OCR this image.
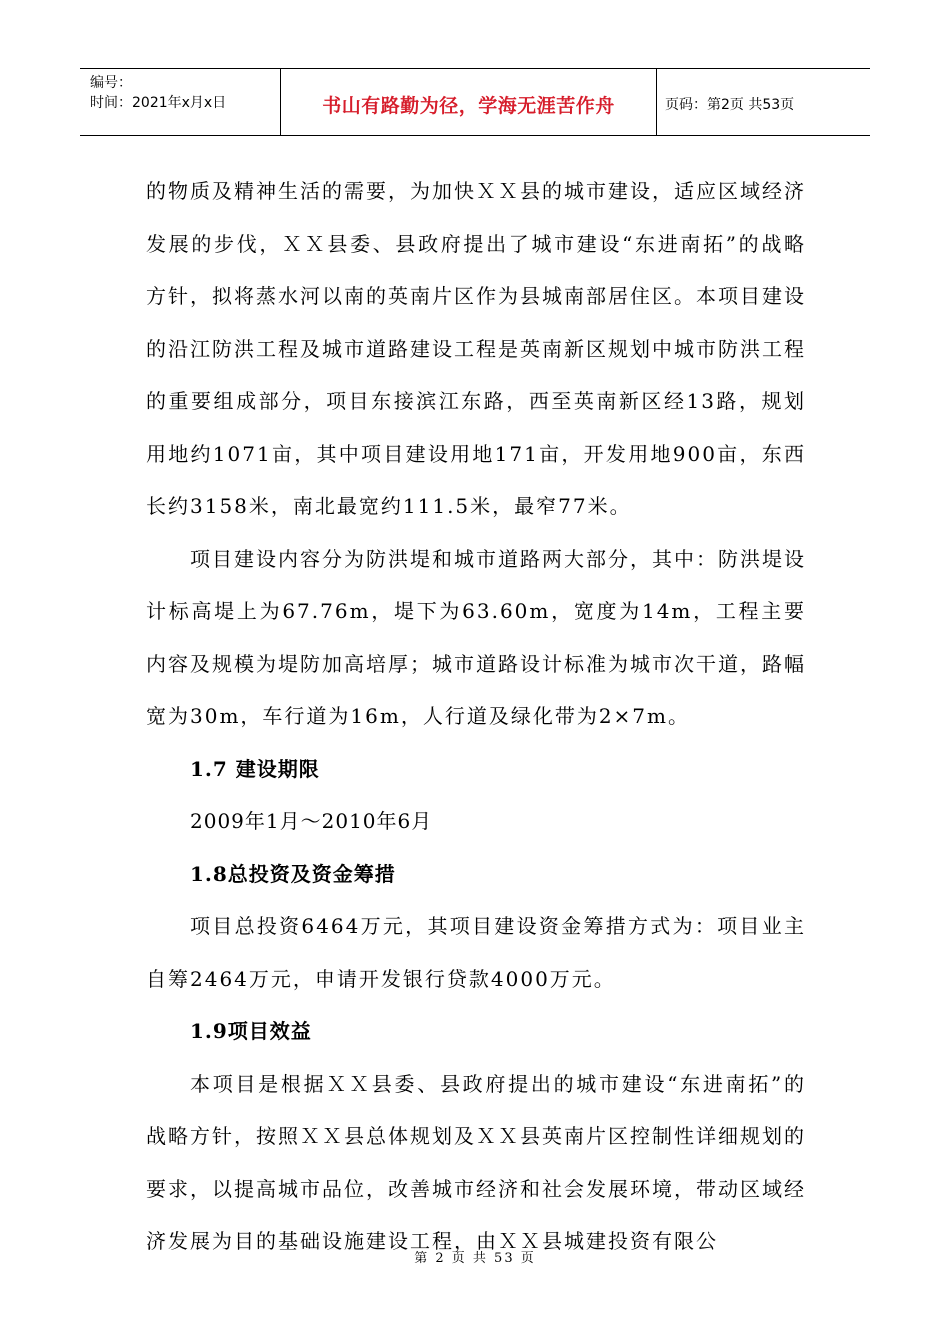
编号：
时间：2021年x月x日	书山有路勤为径，学海无涯苦作舟	页码：第2页 共53页

的物质及精神生活的需要，为加快ＸＸ县的城市建设，适应区域经济发展的步伐，ＸＸ县委、县政府提出了城市建设“东进南拓”的战略方针，拟将蒸水河以南的英南片区作为县城南部居住区。本项目建设的沿江防洪工程及城市道路建设工程是英南新区规划中城市防洪工程的重要组成部分，项目东接滨江东路，西至英南新区经13路，规划用地约1071亩，其中项目建设用地171亩，开发用地900亩，东西长约3158米，南北最宽约111.5米，最窄77米。

项目建设内容分为防洪堤和城市道路两大部分，其中：防洪堤设计标高堤上为67.76m，堤下为63.60m，宽度为14m，工程主要内容及规模为堤防加高培厚；城市道路设计标准为城市次干道，路幅宽为30m，车行道为16m，人行道及绿化带为2×7m。

1.7 建设期限

2009年1月～2010年6月

1.8总投资及资金筹措

项目总投资6464万元，其项目建设资金筹措方式为：项目业主自筹2464万元，申请开发银行贷款4000万元。

1.9项目效益

本项目是根据ＸＸ县委、县政府提出的城市建设“东进南拓”的战略方针，按照ＸＸ县总体规划及ＸＸ县英南片区控制性详细规划的要求，以提高城市品位，改善城市经济和社会发展环境，带动区域经济发展为目的基础设施建设工程，由ＸＸ县城建投资有限公

第 2 页 共 53 页
